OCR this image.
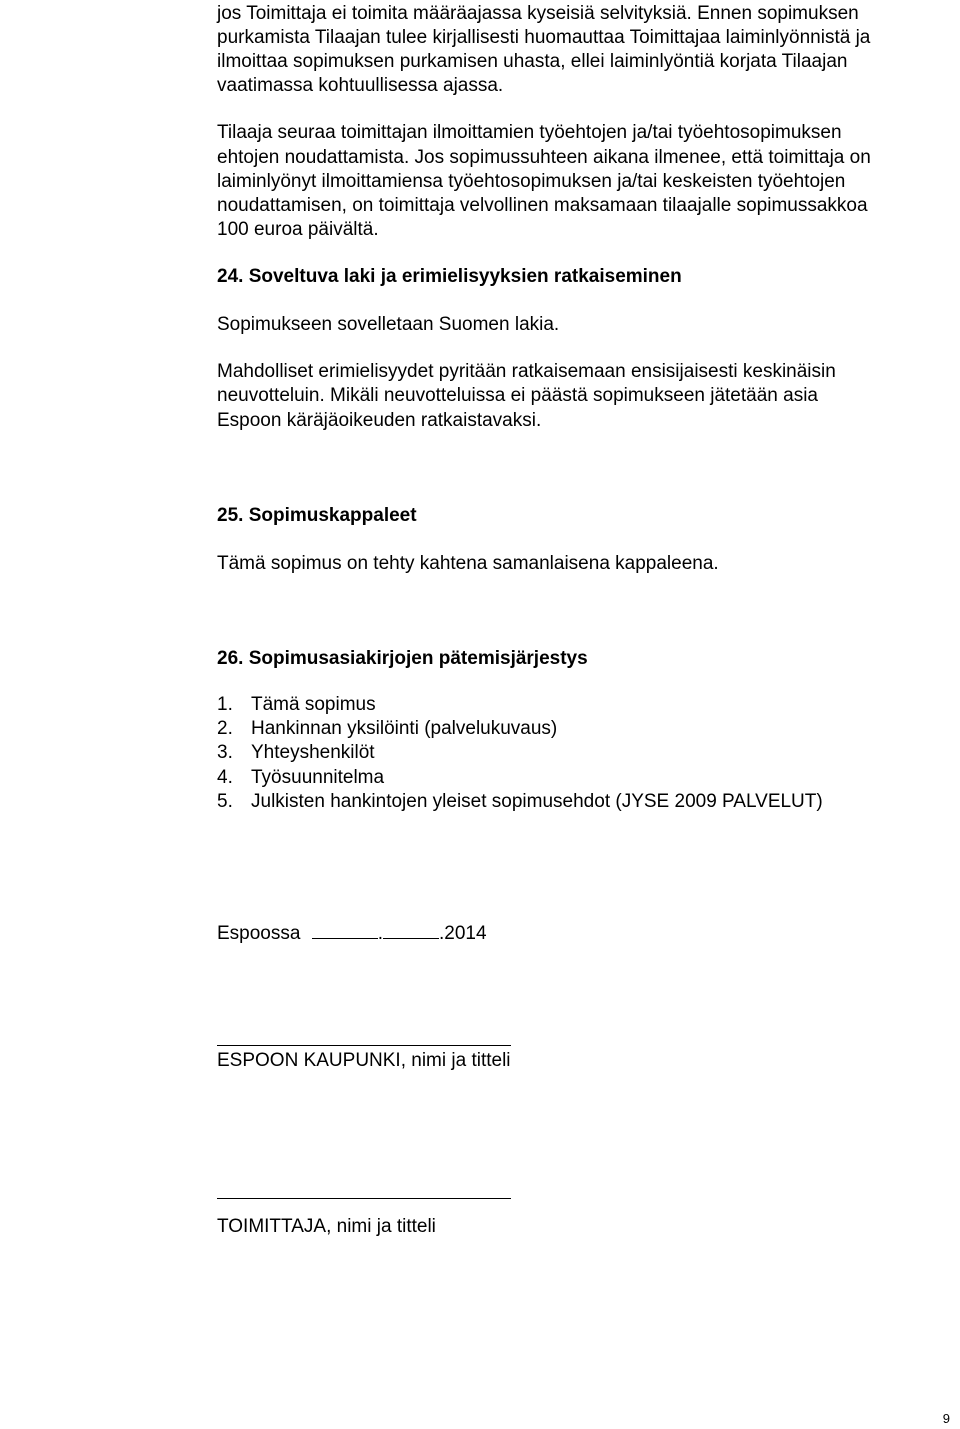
jos Toimittaja ei toimita määräajassa kyseisiä selvityksiä. Ennen sopimuksen

purkamista Tilaajan tulee kirjallisesti huomauttaa Toimittajaa laiminlyönnistä ja

ilmoittaa sopimuksen purkamisen uhasta, ellei laiminlyöntiä korjata Tilaajan

vaatimassa kohtuullisessa ajassa.

Tilaaja seuraa toimittajan ilmoittamien työehtojen ja/tai työehtosopimuksen

ehtojen noudattamista. Jos sopimussuhteen aikana ilmenee, että toimittaja on

laiminlyönyt ilmoittamiensa työehtosopimuksen ja/tai keskeisten työehtojen

noudattamisen, on toimittaja velvollinen maksamaan tilaajalle sopimussakkoa

100 euroa päivältä.

24. Soveltuva laki ja erimielisyyksien ratkaiseminen

Sopimukseen sovelletaan Suomen lakia.

Mahdolliset erimielisyydet pyritään ratkaisemaan ensisijaisesti keskinäisin

neuvotteluin. Mikäli neuvotteluissa ei päästä sopimukseen jätetään asia

Espoon käräjäoikeuden ratkaistavaksi.

25. Sopimuskappaleet

Tämä sopimus on tehty kahtena samanlaisena kappaleena.

26. Sopimusasiakirjojen pätemisjärjestys
1. Tämä sopimus
2. Hankinnan yksilöinti (palvelukuvaus)
3. Yhteyshenkilöt
4. Työsuunnitelma
5. Julkisten hankintojen yleiset sopimusehdot (JYSE 2009 PALVELUT)
Espoossa	.	.2014

ESPOON KAUPUNKI, nimi ja titteli

TOIMITTAJA, nimi ja titteli

9
